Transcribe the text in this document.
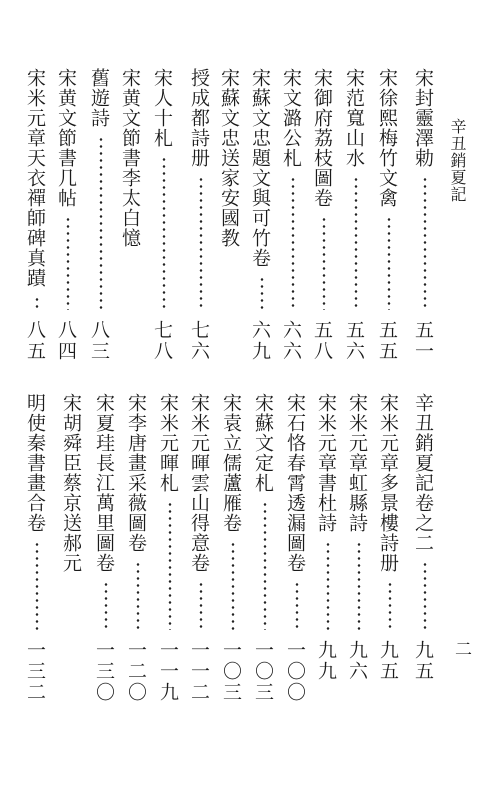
辛丑銷夏記
二
宋封靈澤勅
五一
宋徐熙梅竹文禽
五五
宋范寬山水
五六
宋御府荔枝圖卷
五八
宋文潞公札
六六
宋蘇文忠題文與可竹卷
六九
宋蘇文忠送家安國教
授成都詩册
七六
宋人十札
七八
宋黄文節書李太白憶
舊遊詩
八三
宋黄文節書几帖
八四
宋米元章天衣禪師碑真蹟
八五
辛丑銷夏記卷之二
九五
宋米元章多景樓詩册
九五
宋米元章虹縣詩
九六
宋米元章書杜詩
九九
宋石恪春霄透漏圖卷
一〇〇
宋蘇文定札
一〇三
宋袁立儒蘆雁卷
一〇三
宋米元暉雲山得意卷
一一二
宋米元暉札
一一九
宋李唐畫采薇圖卷
一二〇
宋夏珪長江萬里圖卷
一三〇
宋胡舜臣蔡京送郝元
明使秦書畫合卷
一三二
